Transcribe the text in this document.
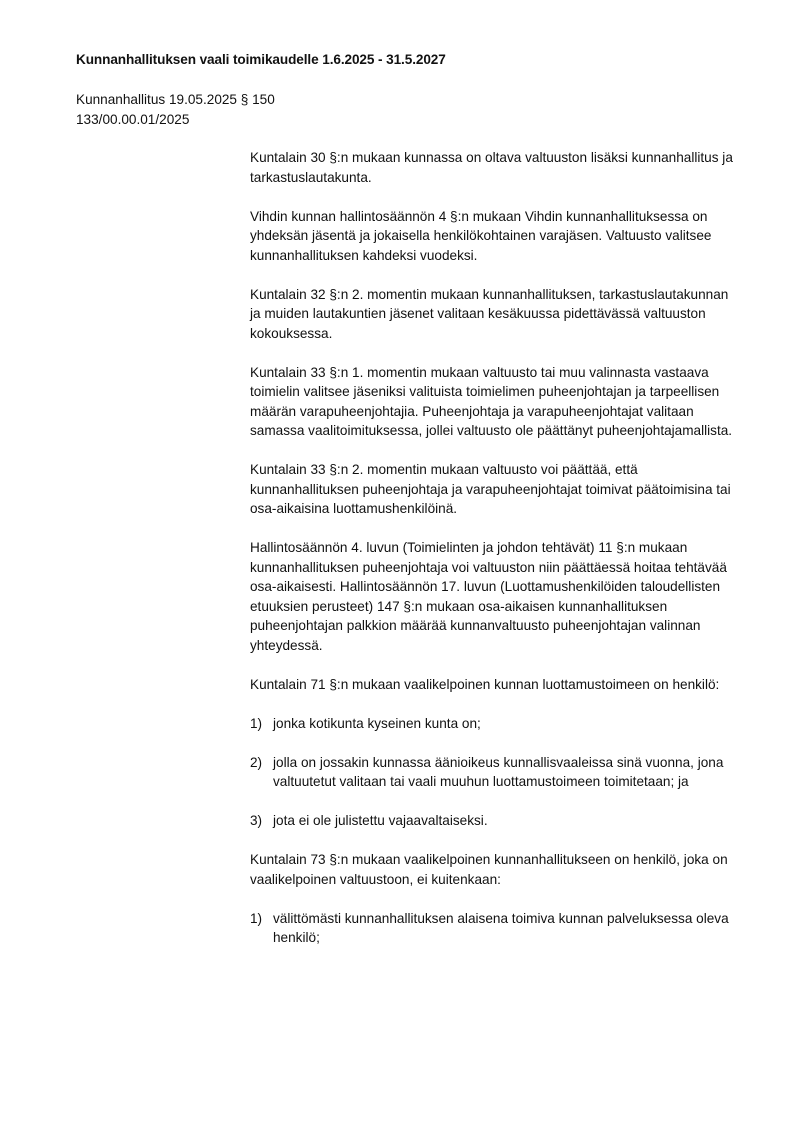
Kunnanhallituksen vaali toimikaudelle 1.6.2025 - 31.5.2027
Kunnanhallitus 19.05.2025 § 150
133/00.00.01/2025

Kuntalain 30 §:n mukaan kunnassa on oltava valtuuston lisäksi kunnanhallitus ja tarkastuslautakunta.

Vihdin kunnan hallintosäännön 4 §:n mukaan Vihdin kunnanhallituksessa on yhdeksän jäsentä ja jokaisella henkilökohtainen varajäsen. Valtuusto valitsee kunnanhallituksen kahdeksi vuodeksi.

Kuntalain 32 §:n 2. momentin mukaan kunnanhallituksen, tarkastuslautakunnan ja muiden lautakuntien jäsenet valitaan kesäkuussa pidettävässä valtuuston kokouksessa.

Kuntalain 33 §:n 1. momentin mukaan valtuusto tai muu valinnasta vastaava toimielin valitsee jäseniksi valituista toimielimen puheenjohtajan ja tarpeellisen määrän varapuheenjohtajia. Puheenjohtaja ja varapuheenjohtajat valitaan samassa vaalitoimituksessa, jollei valtuusto ole päättänyt puheenjohtajamallista.

Kuntalain 33 §:n 2. momentin mukaan valtuusto voi päättää, että kunnanhallituksen puheenjohtaja ja varapuheenjohtajat toimivat päätoimisina tai osa-aikaisina luottamushenkilöinä.

Hallintosäännön 4. luvun (Toimielinten ja johdon tehtävät) 11 §:n mukaan kunnanhallituksen puheenjohtaja voi valtuuston niin päättäessä hoitaa tehtävää osa-aikaisesti. Hallintosäännön 17. luvun (Luottamushenkilöiden taloudellisten etuuksien perusteet) 147 §:n mukaan osa-aikaisen kunnanhallituksen puheenjohtajan palkkion määrää kunnanvaltuusto puheenjohtajan valinnan yhteydessä.

Kuntalain 71 §:n mukaan vaalikelpoinen kunnan luottamustoimeen on henkilö:

1) jonka kotikunta kyseinen kunta on;
2) jolla on jossakin kunnassa äänioikeus kunnallisvaaleissa sinä vuonna, jona valtuutetut valitaan tai vaali muuhun luottamustoimeen toimitetaan; ja
3) jota ei ole julistettu vajaavaltaiseksi.

Kuntalain 73 §:n mukaan vaalikelpoinen kunnanhallitukseen on henkilö, joka on vaalikelpoinen valtuustoon, ei kuitenkaan:

1) välittömästi kunnanhallituksen alaisena toimiva kunnan palveluksessa oleva henkilö;
